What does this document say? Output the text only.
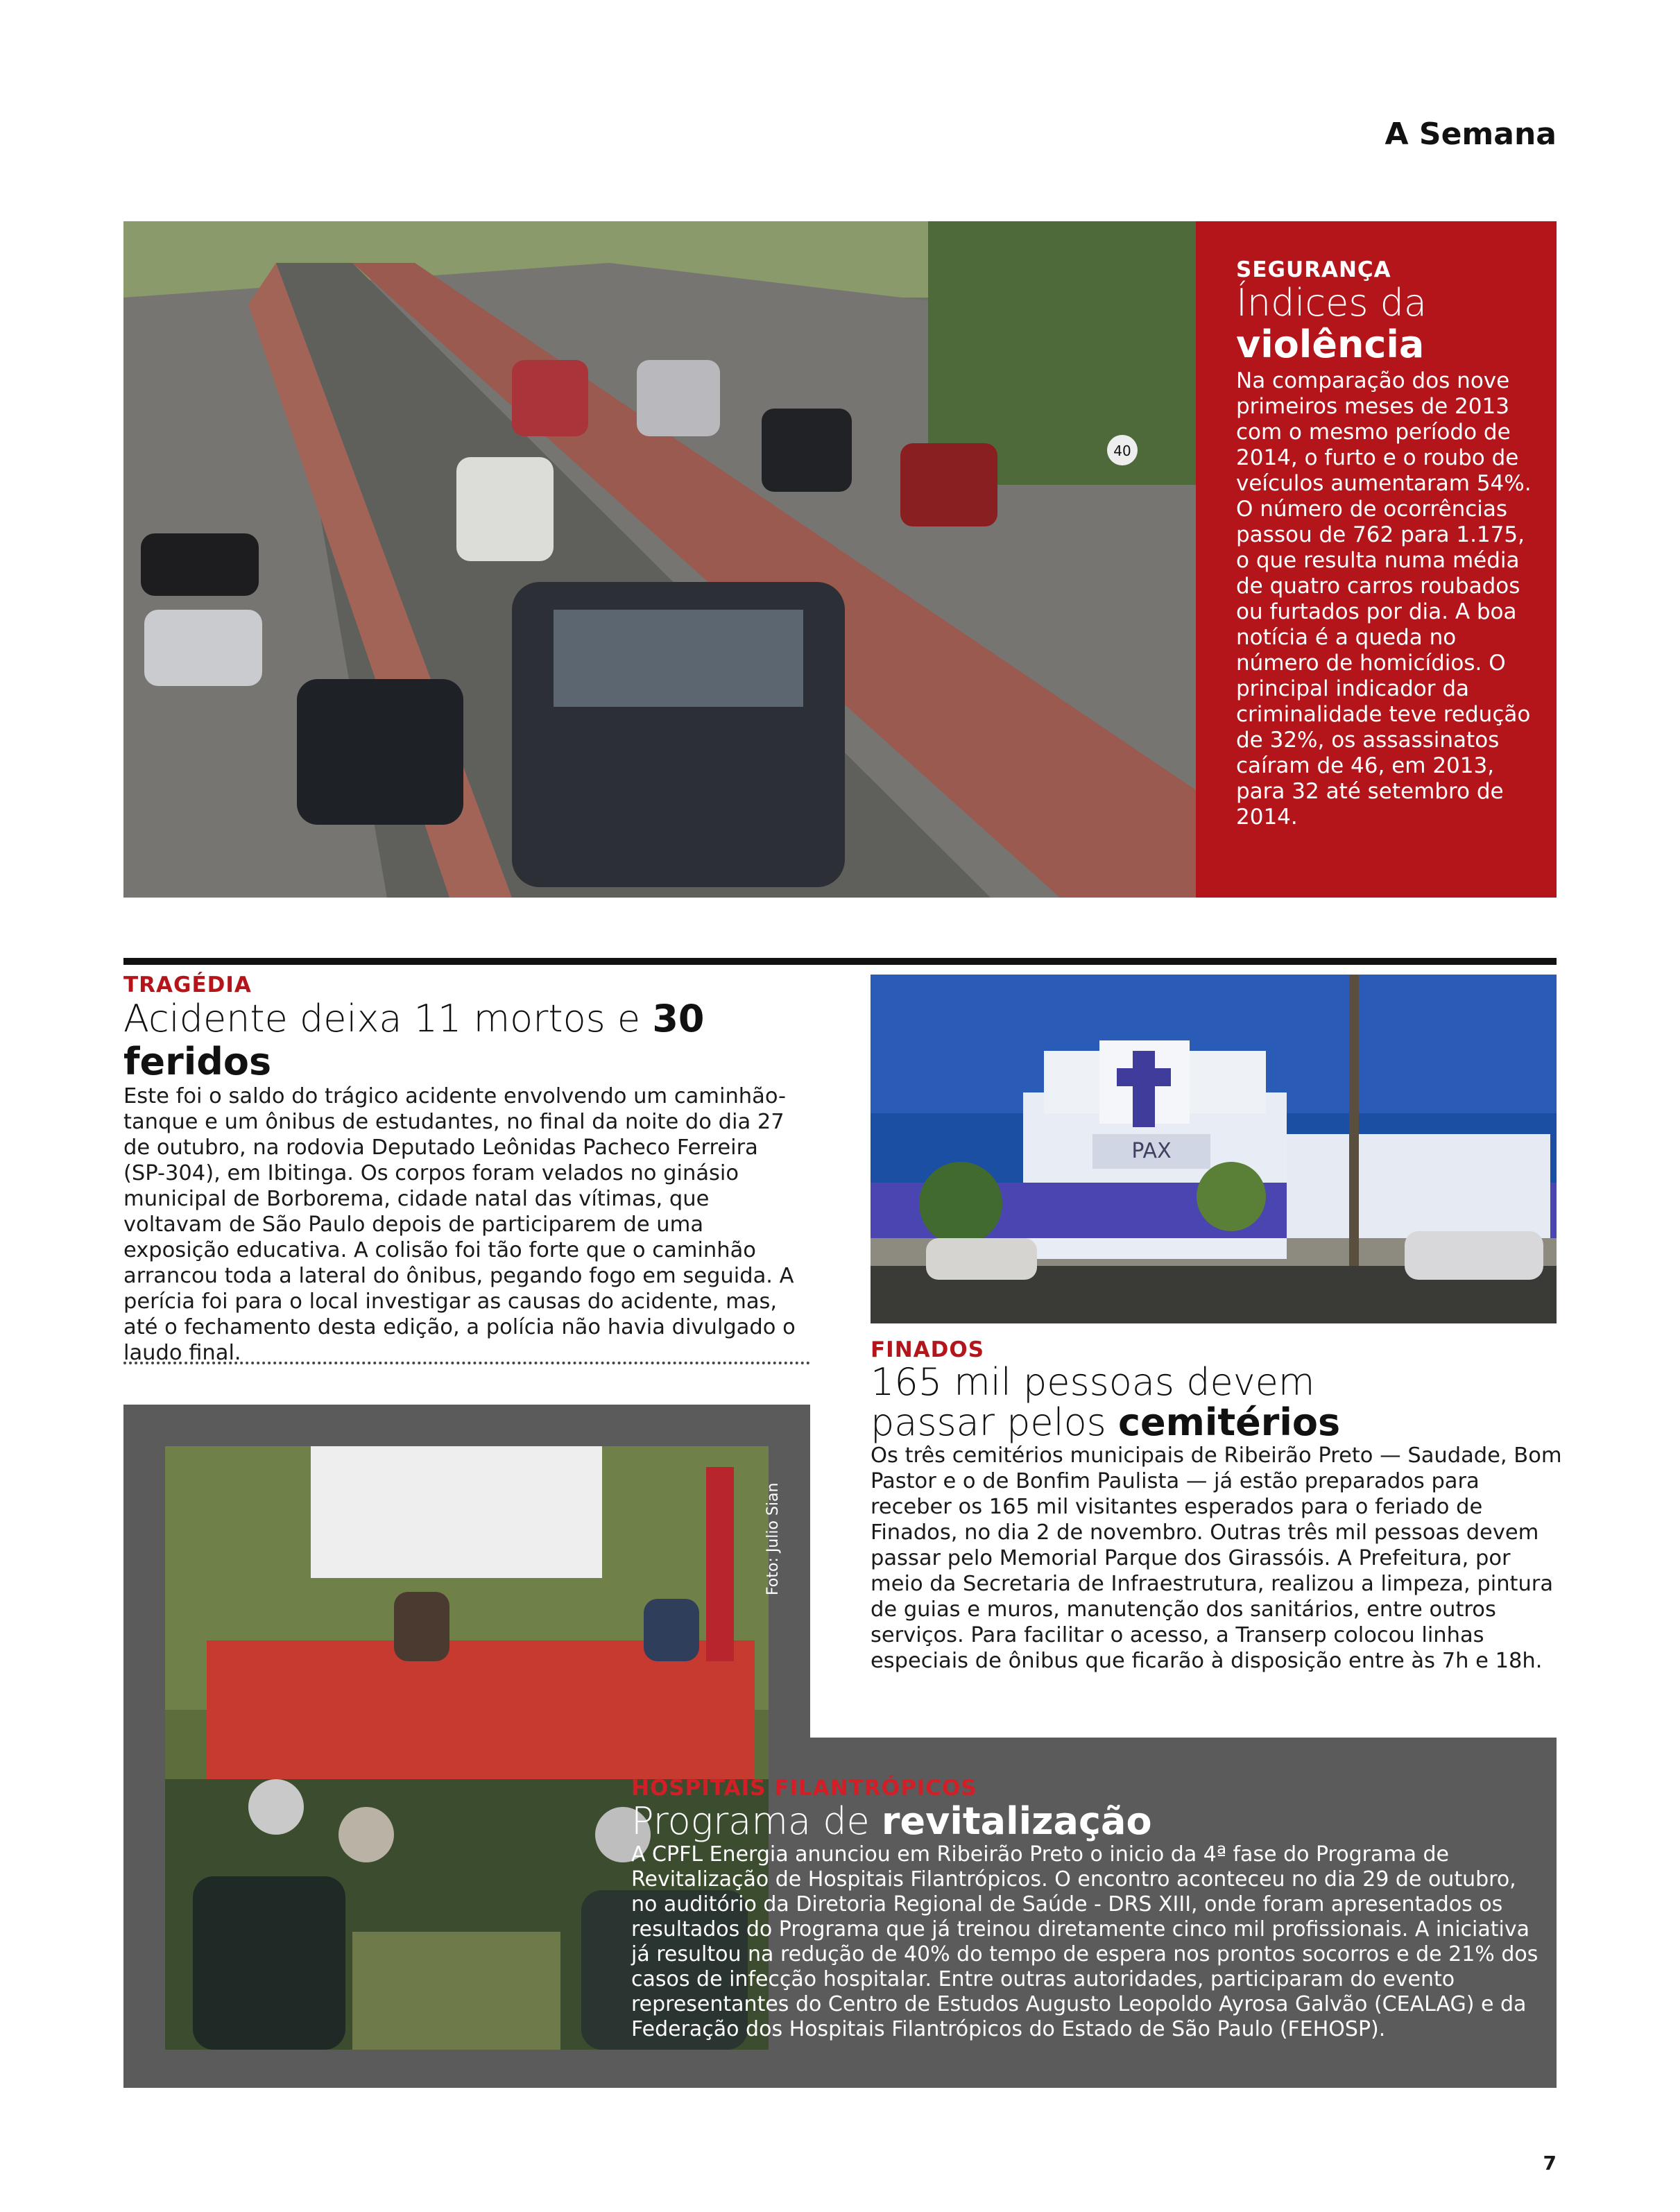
A Semana
40
SEGURANÇA
Índices da
violência
Na comparação dos nove primeiros meses de 2013 com o mesmo período de 2014, o furto e o roubo de veículos aumentaram 54%. O número de ocorrências passou de 762 para 1.175, o que resulta numa média de quatro carros roubados ou furtados por dia. A boa notícia é a queda no número de homicídios. O principal indicador da criminalidade teve redução de 32%, os assassinatos caíram de 46, em 2013, para 32 até setembro de 2014.
TRAGÉDIA
Acidente deixa 11 mortos e 30 feridos
Este foi o saldo do trágico acidente envolvendo um caminhão-tanque e um ônibus de estudantes, no final da noite do dia 27 de outubro, na rodovia Deputado Leônidas Pacheco Ferreira (SP-304), em Ibitinga. Os corpos foram velados no ginásio municipal de Borborema, cidade natal das vítimas, que voltavam de São Paulo depois de participarem de uma exposição educativa. A colisão foi tão forte que o caminhão arrancou toda a lateral do ônibus, pegando fogo em seguida. A perícia foi para o local investigar as causas do acidente, mas, até o fechamento desta edição, a polícia não havia divulgado o laudo final.
PAX
FINADOS
165 mil pessoas devem
passar pelos cemitérios
Os três cemitérios municipais de Ribeirão Preto — Saudade, Bom Pastor e o de Bonfim Paulista — já estão preparados para receber os 165 mil visitantes esperados para o feriado de Finados, no dia 2 de novembro. Outras três mil pessoas devem passar pelo Memorial Parque dos Girassóis. A Prefeitura, por meio da Secretaria de Infraestrutura, realizou a limpeza, pintura de guias e muros, manutenção dos sanitários, entre outros serviços. Para facilitar o acesso, a Transerp colocou linhas especiais de ônibus que ficarão à disposição entre às 7h e 18h.
Foto: Julio Sian
HOSPITAIS FILANTRÓPICOS
Programa de revitalização
A CPFL Energia anunciou em Ribeirão Preto o inicio da 4ª fase do Programa de Revitalização de Hospitais Filantrópicos. O encontro aconteceu no dia 29 de outubro, no auditório da Diretoria Regional de Saúde - DRS XIII, onde foram apresentados os resultados do Programa que já treinou diretamente cinco mil profissionais. A iniciativa já resultou na redução de 40% do tempo de espera nos prontos socorros e de 21% dos casos de infecção hospitalar. Entre outras autoridades, participaram do evento representantes do Centro de Estudos Augusto Leopoldo Ayrosa Galvão (CEALAG) e da Federação dos Hospitais Filantrópicos do Estado de São Paulo (FEHOSP).
7
